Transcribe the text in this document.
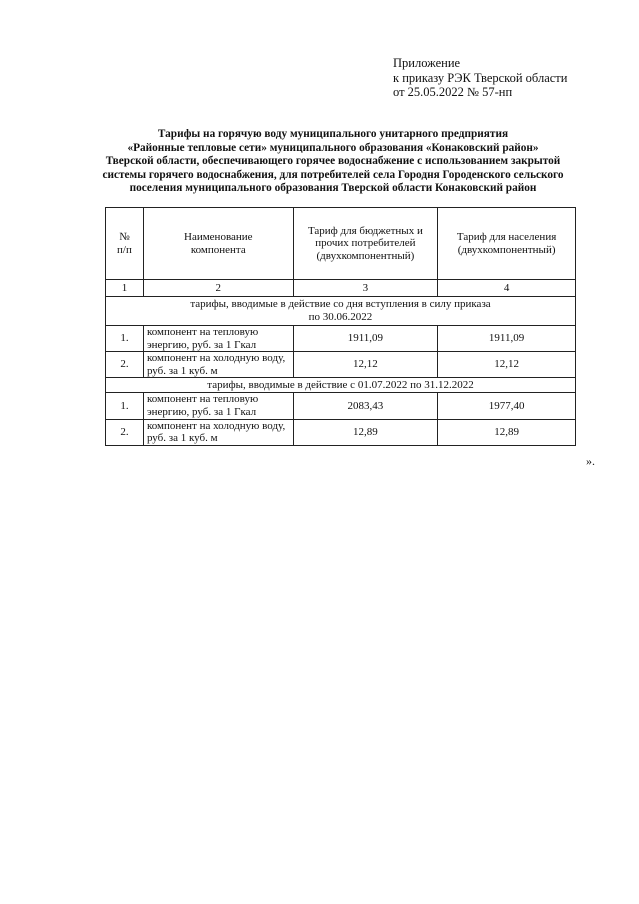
Приложение
к приказу РЭК Тверской области
от 25.05.2022 № 57-нп
Тарифы на горячую воду муниципального унитарного предприятия
«Районные тепловые сети» муниципального образования «Конаковский район»
Тверской области, обеспечивающего горячее водоснабжение с использованием закрытой
системы горячего водоснабжения, для потребителей села Городня Городенского сельского
поселения муниципального образования Тверской области Конаковский район
№ п/п	Наименование компонента	Тариф для бюджетных и прочих потребителей (двухкомпонентный)	Тариф для населения (двухкомпонентный)
1	2	3	4

тарифы, вводимые в действие со дня вступления в силу приказа
по 30.06.2022			

1.	компонент на тепловую энергию, руб. за 1 Гкал	1911,09	1911,09
2.	компонент на холодную воду, руб. за 1 куб. м	12,12	12,12
тарифы, вводимые в действие с 01.07.2022 по 31.12.2022			
1.	компонент на тепловую энергию, руб. за 1 Гкал	2083,43	1977,40
2.	компонент на холодную воду, руб. за 1 куб. м	12,89	12,89
».
